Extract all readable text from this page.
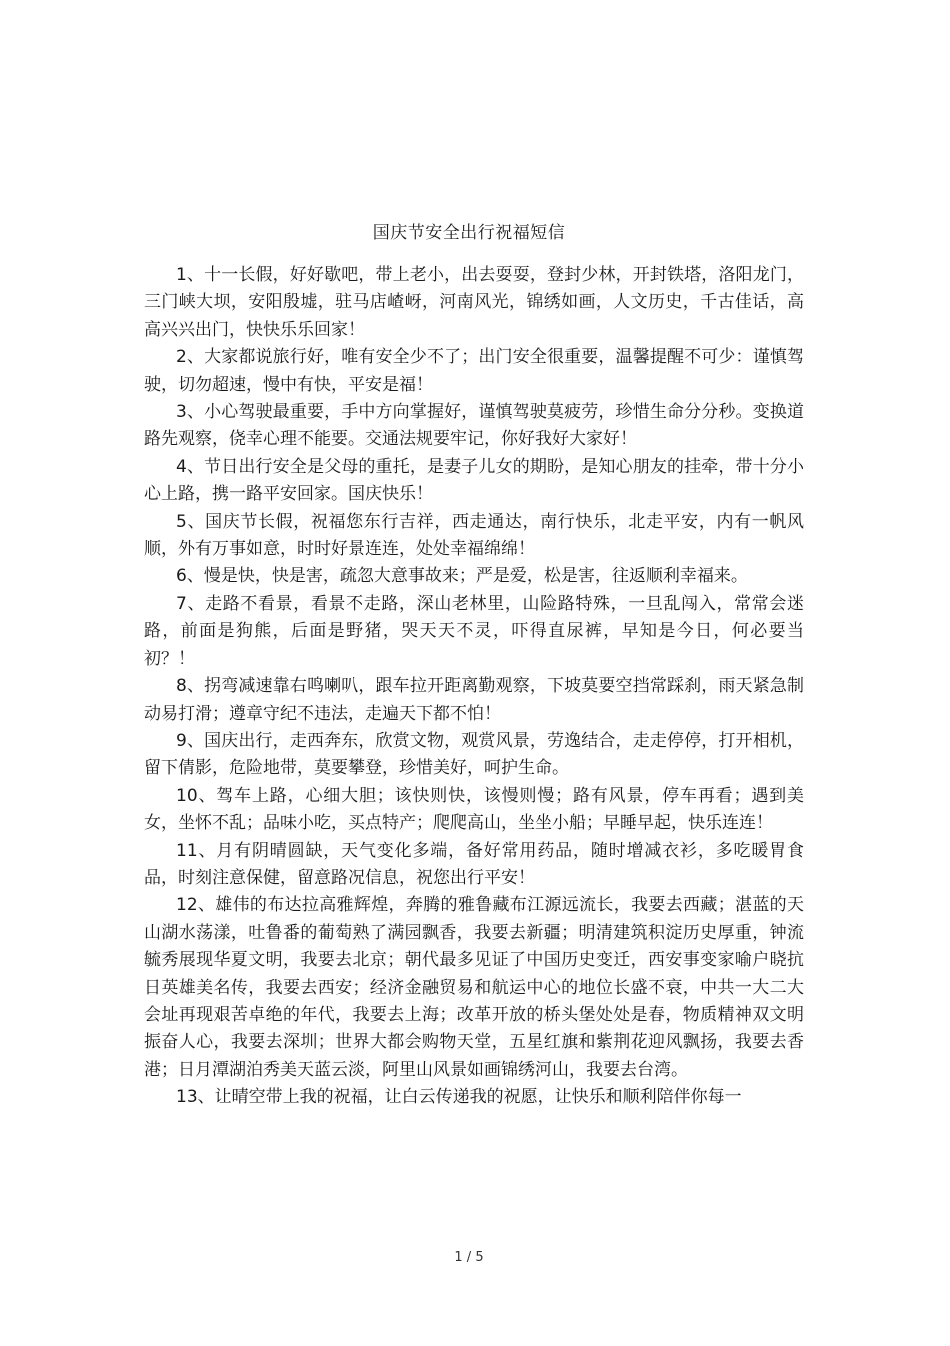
国庆节安全出行祝福短信

1、十一长假，好好歇吧，带上老小，出去耍耍，登封少林，开封铁塔，洛阳龙门，三门峡大坝，安阳殷墟，驻马店嵖岈，河南风光，锦绣如画，人文历史，千古佳话，高高兴兴出门，快快乐乐回家！

2、大家都说旅行好，唯有安全少不了；出门安全很重要，温馨提醒不可少：谨慎驾驶，切勿超速，慢中有快，平安是福！

3、小心驾驶最重要，手中方向掌握好，谨慎驾驶莫疲劳，珍惜生命分分秒。变换道路先观察，侥幸心理不能要。交通法规要牢记，你好我好大家好！

4、节日出行安全是父母的重托，是妻子儿女的期盼，是知心朋友的挂牵，带十分小心上路，携一路平安回家。国庆快乐！

5、国庆节长假，祝福您东行吉祥，西走通达，南行快乐，北走平安，内有一帆风顺，外有万事如意，时时好景连连，处处幸福绵绵！

6、慢是快，快是害，疏忽大意事故来；严是爱，松是害，往返顺利幸福来。

7、走路不看景，看景不走路，深山老林里，山险路特殊，一旦乱闯入，常常会迷路，前面是狗熊，后面是野猪，哭天天不灵，吓得直尿裤，早知是今日，何必要当初？！

8、拐弯减速靠右鸣喇叭，跟车拉开距离勤观察，下坡莫要空挡常踩刹，雨天紧急制动易打滑；遵章守纪不违法，走遍天下都不怕！

9、国庆出行，走西奔东，欣赏文物，观赏风景，劳逸结合，走走停停，打开相机，留下倩影，危险地带，莫要攀登，珍惜美好，呵护生命。

10、驾车上路，心细大胆；该快则快，该慢则慢；路有风景，停车再看；遇到美女，坐怀不乱；品味小吃，买点特产；爬爬高山，坐坐小船；早睡早起，快乐连连！

11、月有阴晴圆缺，天气变化多端，备好常用药品，随时增减衣衫，多吃暖胃食品，时刻注意保健，留意路况信息，祝您出行平安！

12、雄伟的布达拉高雅辉煌，奔腾的雅鲁藏布江源远流长，我要去西藏；湛蓝的天山湖水荡漾，吐鲁番的葡萄熟了满园飘香，我要去新疆；明清建筑积淀历史厚重，钟流毓秀展现华夏文明，我要去北京；朝代最多见证了中国历史变迁，西安事变家喻户晓抗日英雄美名传，我要去西安；经济金融贸易和航运中心的地位长盛不衰，中共一大二大会址再现艰苦卓绝的年代，我要去上海；改革开放的桥头堡处处是春，物质精神双文明振奋人心，我要去深圳；世界大都会购物天堂，五星红旗和紫荆花迎风飘扬，我要去香港；日月潭湖泊秀美天蓝云淡，阿里山风景如画锦绣河山，我要去台湾。

13、让晴空带上我的祝福，让白云传递我的祝愿，让快乐和顺利陪伴你每一

1 / 5
